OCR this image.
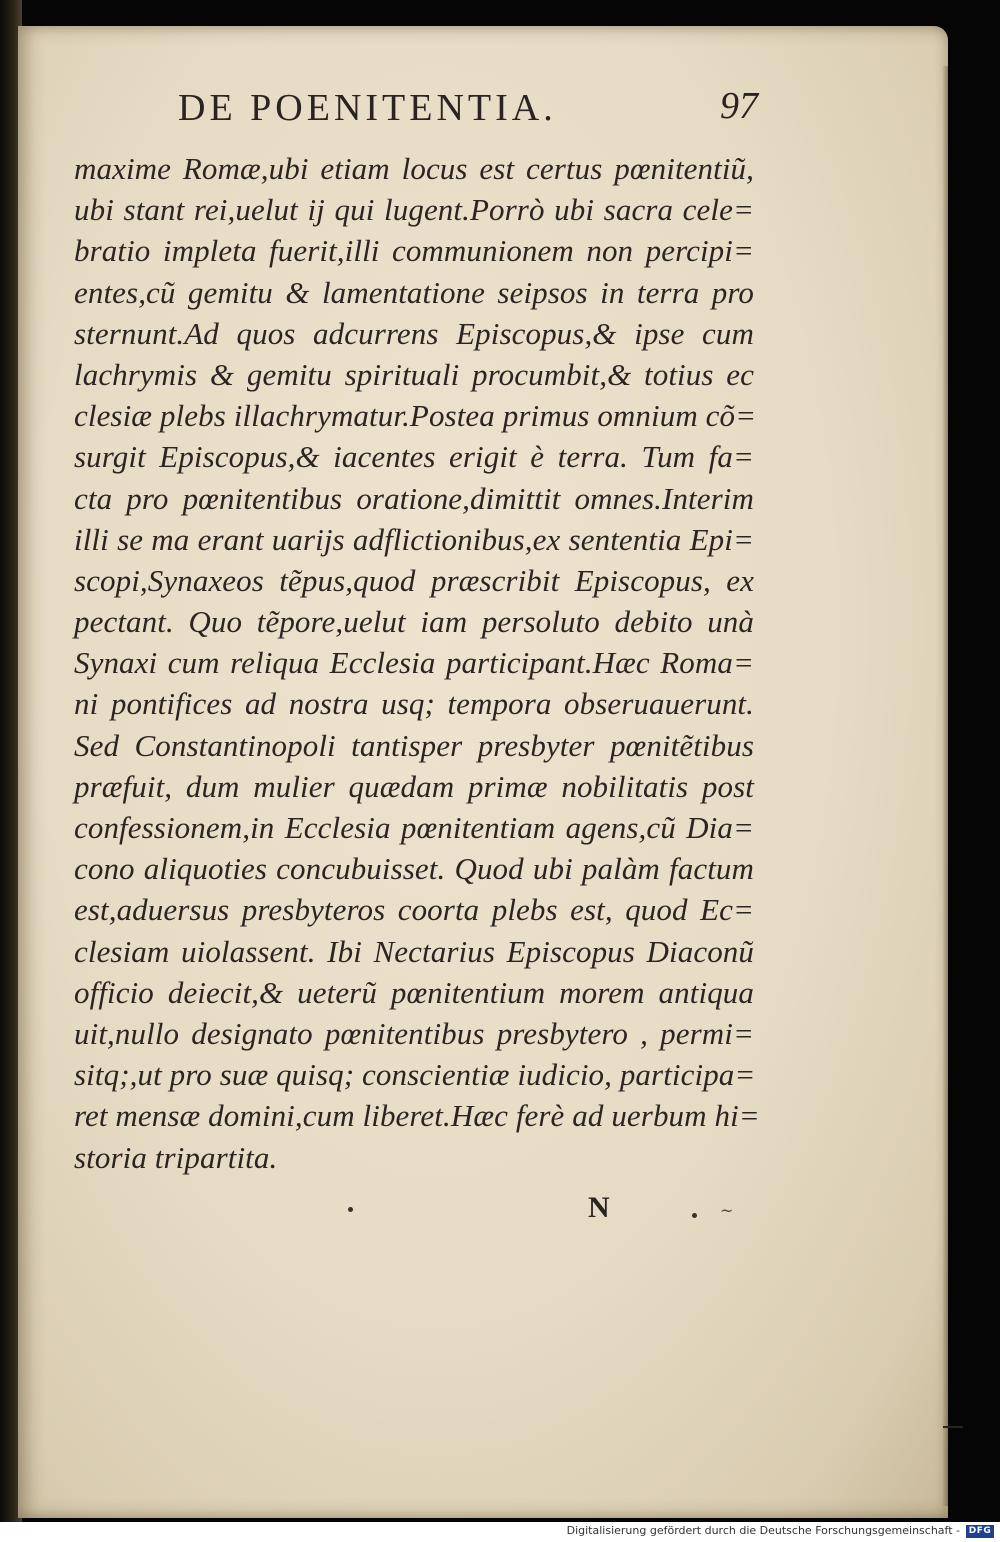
DE POENITENTIA.	97
maxime Romæ,ubi etiam locus est certus pœnitentiũ,
ubi stant rei,uelut ij qui lugent.Porrò ubi sacra cele=
bratio impleta fuerit,illi communionem non percipi=
entes,cũ gemitu & lamentatione seipsos in terra pro
sternunt.Ad quos adcurrens Episcopus,& ipse cum
lachrymis & gemitu spirituali procumbit,& totius ec
clesiæ plebs illachrymatur.Postea primus omnium cõ=
surgit Episcopus,& iacentes erigit è terra. Tum fa=
cta pro pœnitentibus oratione,dimittit omnes.Interim
illi se ma erant uarijs adflictionibus,ex sententia Epi=
scopi,Synaxeos tẽpus,quod præscribit Episcopus, ex
pectant. Quo tẽpore,uelut iam persoluto debito unà
Synaxi cum reliqua Ecclesia participant.Hæc Roma=
ni pontifices ad nostra usq; tempora obseruauerunt.
Sed Constantinopoli tantisper presbyter pœnitẽtibus
præfuit, dum mulier quædam primæ nobilitatis post
confessionem,in Ecclesia pœnitentiam agens,cũ Dia=
cono aliquoties concubuisset. Quod ubi palàm factum
est,aduersus presbyteros coorta plebs est, quod Ec=
clesiam uiolassent. Ibi Nectarius Episcopus Diaconũ
officio deiecit,& ueterũ pœnitentium morem antiqua
uit,nullo designato pœnitentibus presbytero , permi=
sitq;,ut pro suæ quisq; conscientiæ iudicio, participa=
ret mensæ domini,cum liberet.Hæc ferè ad uerbum hi=
storia tripartita.
N	~
Digitalisierung gefördert durch die Deutsche Forschungsgemeinschaft - DFG
